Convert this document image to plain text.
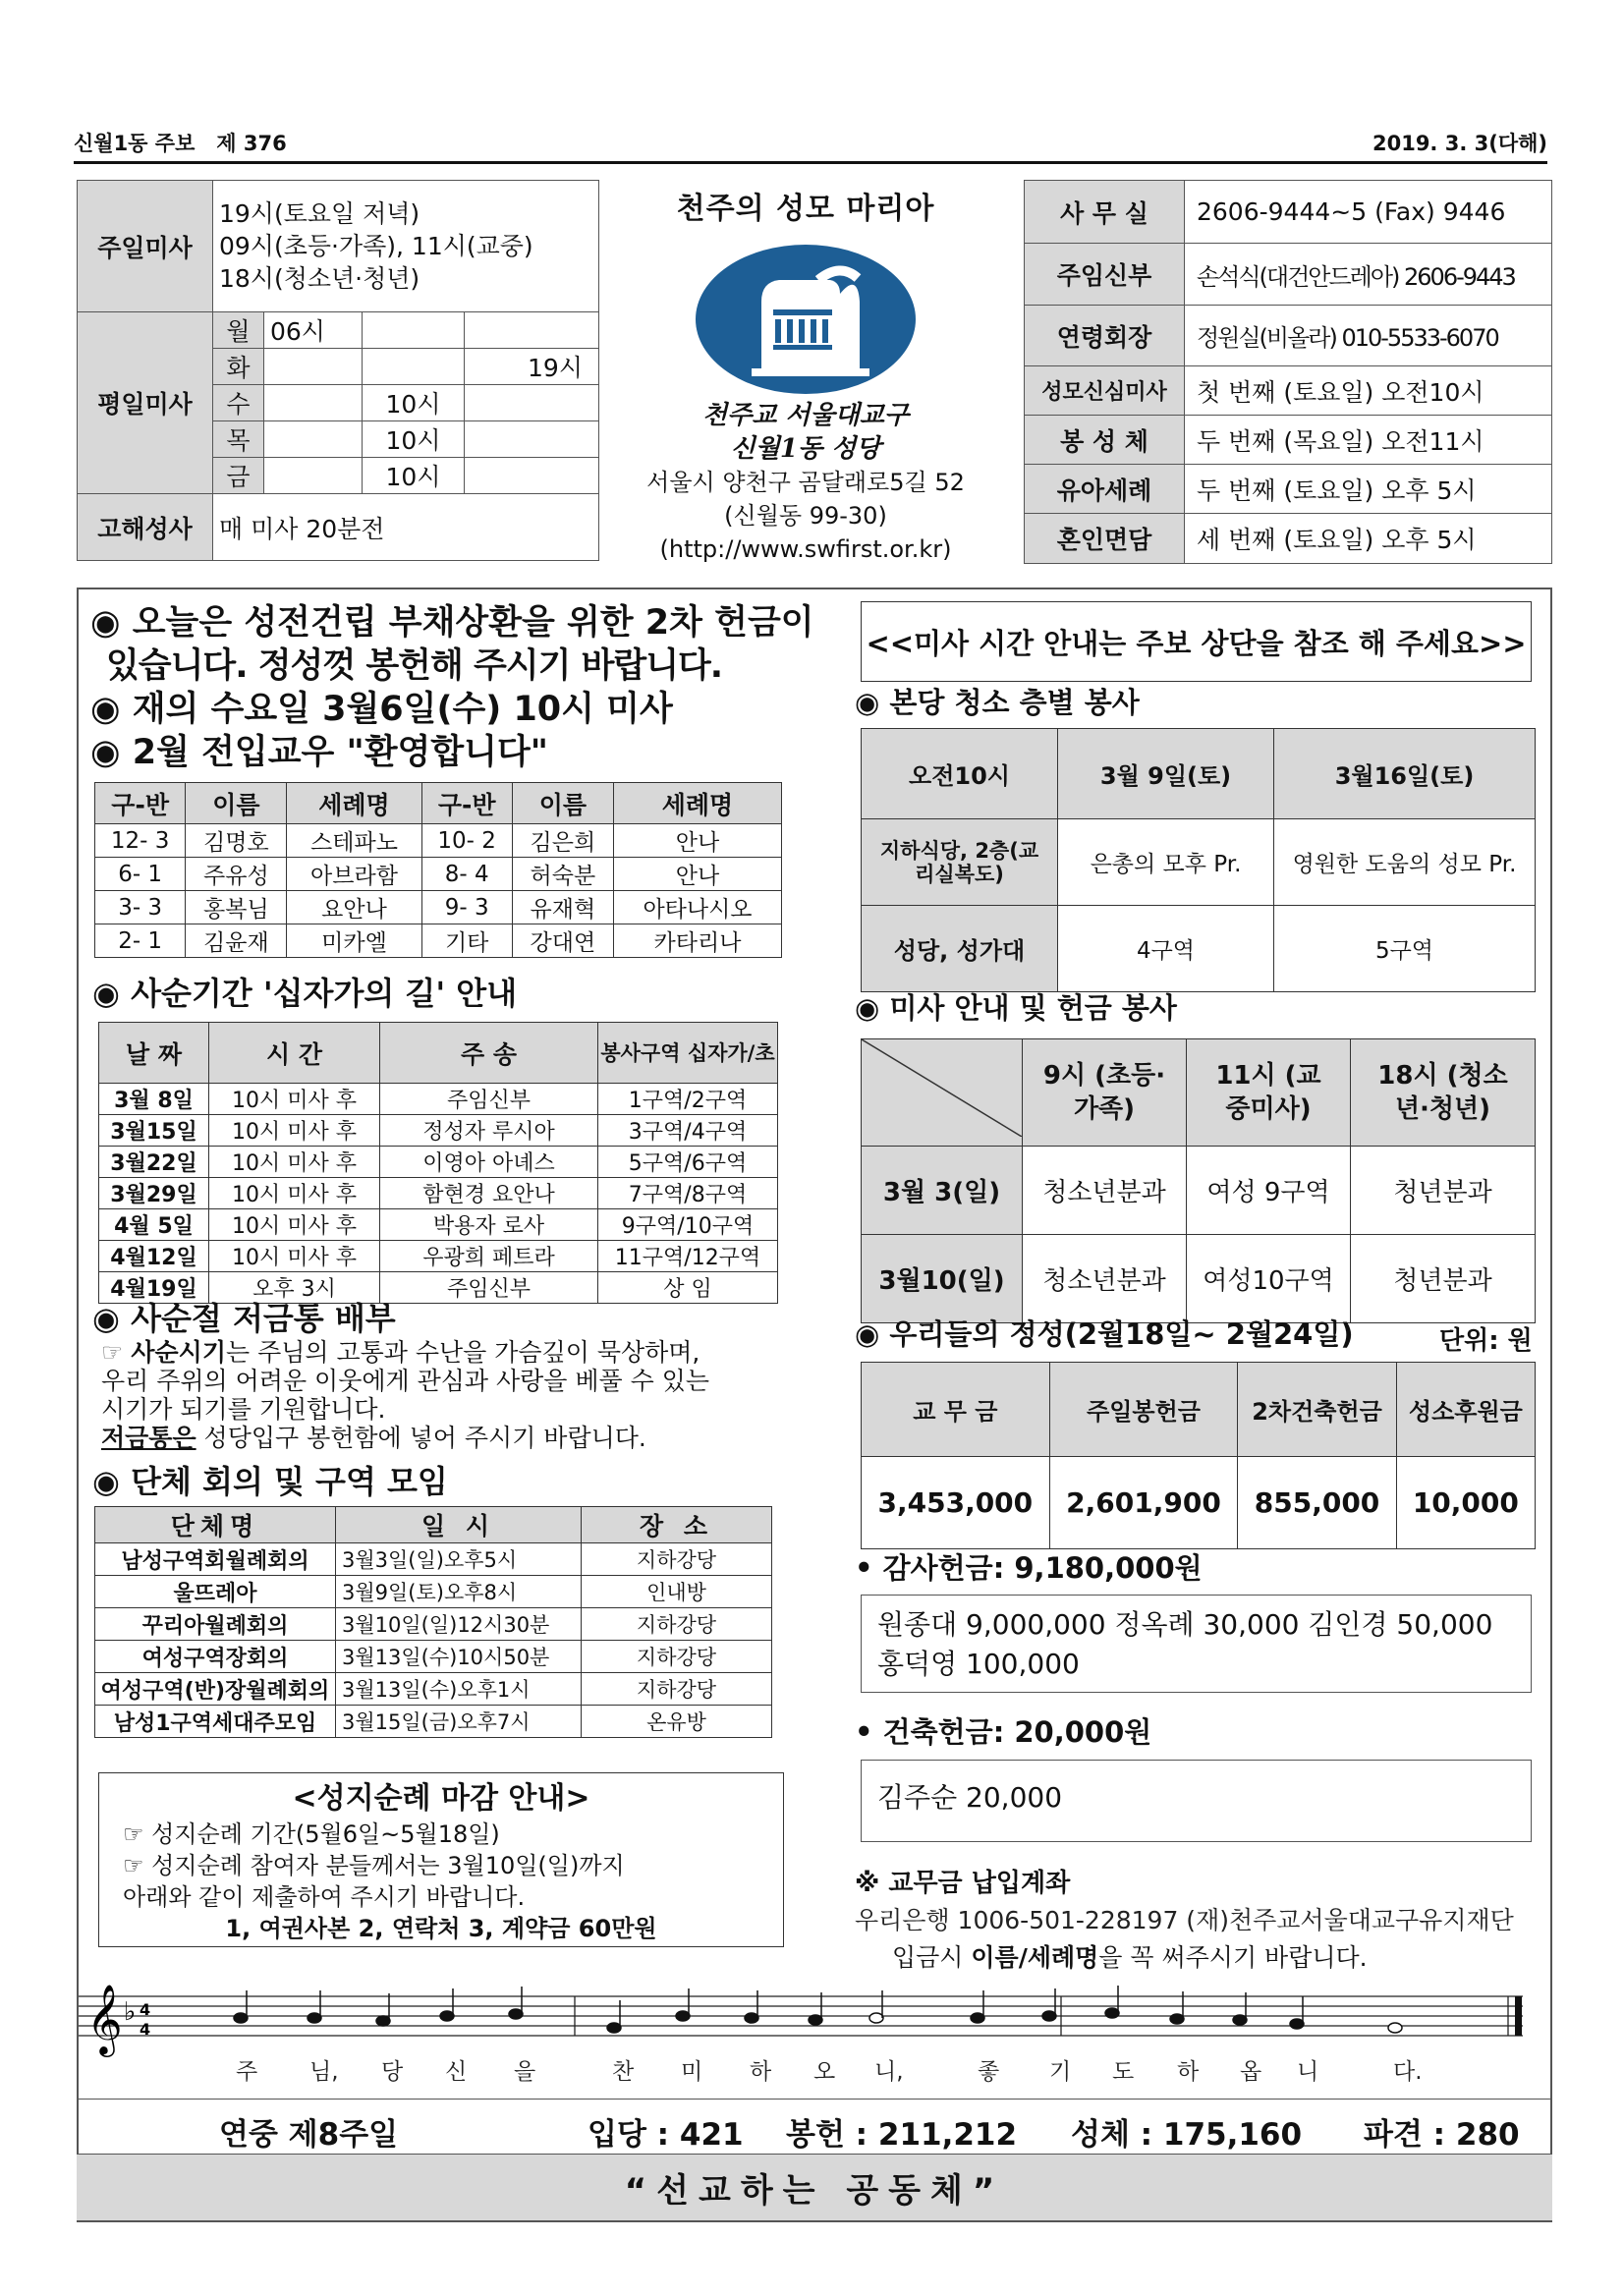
신월1동 주보   제 376	2019. 3. 3(다해)
주일미사	19시(토요일 저녁)
09시(초등·가족), 11시(교중)
18시(청소년·청년)			

평일미사	월	06시		
	화			19시
	수		10시	
	목		10시	
	금		10시	
고해성사	매 미사 20분전			
천주의 성모 마리아
천주교 서울대교구
신월1동 성당
서울시 양천구 곰달래로5길 52
(신월동 99-30)
(http://www.swfirst.or.kr)
사 무 실	2606-9444~5 (Fax) 9446
주임신부	손석식(대건안드레아) 2606-9443
연령회장	정원실(비올라) 010-5533-6070
성모신심미사	첫 번째 (토요일) 오전10시
봉 성 체	두 번째 (목요일) 오전11시
유아세례	두 번째 (토요일) 오후 5시
혼인면담	세 번째 (토요일) 오후 5시
◉ 오늘은 성전건립 부채상환을 위한 2차 헌금이
있습니다. 정성껏 봉헌해 주시기 바랍니다.
◉ 재의 수요일 3월6일(수) 10시 미사
◉ 2월 전입교우 "환영합니다"
구-반	이름	세례명	구-반	이름	세례명
12- 3	김명호	스테파노	10- 2	김은희	안나
6- 1	주유성	아브라함	8- 4	허숙분	안나
3- 3	홍복님	요안나	9- 3	유재혁	아타나시오
2- 1	김윤재	미카엘	기타	강대연	카타리나
◉ 사순기간 '십자가의 길' 안내
날 짜	시 간	주 송	봉사구역 십자가/초
3월 8일	10시 미사 후	주임신부	1구역/2구역
3월15일	10시 미사 후	정성자 루시아	3구역/4구역
3월22일	10시 미사 후	이영아 아녜스	5구역/6구역
3월29일	10시 미사 후	함현경 요안나	7구역/8구역
4월 5일	10시 미사 후	박용자 로사	9구역/10구역
4월12일	10시 미사 후	우광희 페트라	11구역/12구역
4월19일	오후 3시	주임신부	상 임
◉ 사순절 저금통 배부
☞ 사순시기는 주님의 고통과 수난을 가슴깊이 묵상하며,
우리 주위의 어려운 이웃에게 관심과 사랑을 베풀 수 있는
시기가 되기를 기원합니다.
저금통은 성당입구 봉헌함에 넣어 주시기 바랍니다.
◉ 단체 회의 및 구역 모임
단체명	일 시	장 소
남성구역회월례회의	3월3일(일)오후5시	지하강당
울뜨레아	3월9일(토)오후8시	인내방
꾸리아월례회의	3월10일(일)12시30분	지하강당
여성구역장회의	3월13일(수)10시50분	지하강당
여성구역(반)장월례회의	3월13일(수)오후1시	지하강당
남성1구역세대주모임	3월15일(금)오후7시	온유방
<성지순례 마감 안내>
☞ 성지순례 기간(5월6일~5월18일)
☞ 성지순례 참여자 분들께서는 3월10일(일)까지
아래와 같이 제출하여 주시기 바랍니다.
1, 여권사본 2, 연락처 3, 계약금 60만원
<<미사 시간 안내는 주보 상단을 참조 해 주세요>>
◉ 본당 청소 층별 봉사
오전10시	3월 9일(토)	3월16일(토)
지하식당, 2층(교리실복도)	은총의 모후 Pr.	영원한 도움의 성모 Pr.
성당, 성가대	4구역	5구역
◉ 미사 안내 및 헌금 봉사
	9시 (초등·가족)	11시 (교중미사)	18시 (청소년·청년)
3월 3(일)	청소년분과	여성 9구역	청년분과
3월10(일)	청소년분과	여성10구역	청년분과
◉ 우리들의 정성(2월18일~ 2월24일)	단위: 원
교 무 금	주일봉헌금	2차건축헌금	성소후원금
3,453,000	2,601,900	855,000	10,000
• 감사헌금: 9,180,000원
원종대 9,000,000 정옥례 30,000 김인경 50,000
홍덕영 100,000
• 건축헌금: 20,000원
김주순 20,000
※ 교무금 납입계좌
우리은행 1006-501-228197 (재)천주교서울대교구유지재단
입금시 이름/세례명을 꼭 써주시기 바랍니다.
𝄞 ♭ 4
4
주 님, 당 신 을	찬 미 하 오 니,	좋 기 도 하 옵 니	다.
연중 제8주일	입당 : 421 봉헌 : 211,212 성체 : 175,160 파견 : 280
“선교하는 공동체”
